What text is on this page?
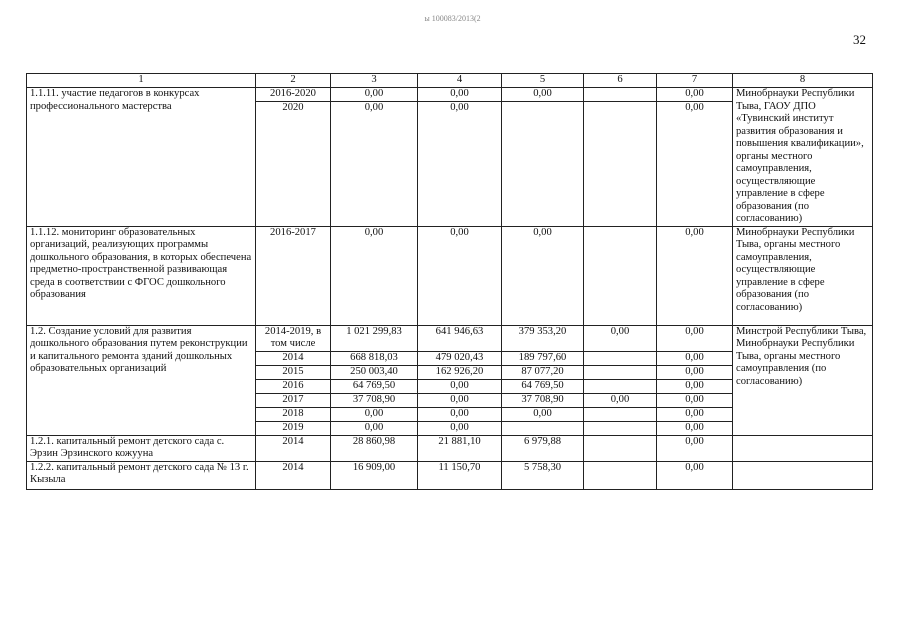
ы 100083/2013(2
32
1	2	3	4	5	6	7	8
1.1.11. участие педагогов в конкурсах профессионального мастерства	2016-2020	0,00	0,00	0,00		0,00	Минобрнауки Республики Тыва, ГАОУ ДПО «Тувинский институт развития образования и повышения квалификации», органы местного самоуправления, осуществляющие управление в сфере образования (по согласованию)
	2020	0,00	0,00			0,00	
1.1.12. мониторинг образовательных организаций, реализующих программы дошкольного образования, в которых обеспечена предметно-пространственной развивающая среда в соответствии с ФГОС дошкольного образования	2016-2017	0,00	0,00	0,00		0,00	Минобрнауки Республики Тыва, органы местного самоуправления, осуществляющие управление в сфере образования (по согласованию)
1.2. Создание условий для развития дошкольного образования путем реконструкции и капитального ремонта зданий дошкольных образовательных организаций	2014-2019, в том числе	1 021 299,83	641 946,63	379 353,20	0,00	0,00	Минстрой Республики Тыва, Минобрнауки Республики Тыва, органы местного самоуправления (по согласованию)
	2014	668 818,03	479 020,43	189 797,60		0,00	
	2015	250 003,40	162 926,20	87 077,20		0,00	
	2016	64 769,50	0,00	64 769,50		0,00	
	2017	37 708,90	0,00	37 708,90	0,00	0,00	
	2018	0,00	0,00	0,00		0,00	
	2019	0,00	0,00			0,00	
1.2.1. капитальный ремонт детского сада с. Эрзин Эрзинского кожууна	2014	28 860,98	21 881,10	6 979,88		0,00	
1.2.2. капитальный ремонт детского сада № 13 г. Кызыла	2014	16 909,00	11 150,70	5 758,30		0,00	
